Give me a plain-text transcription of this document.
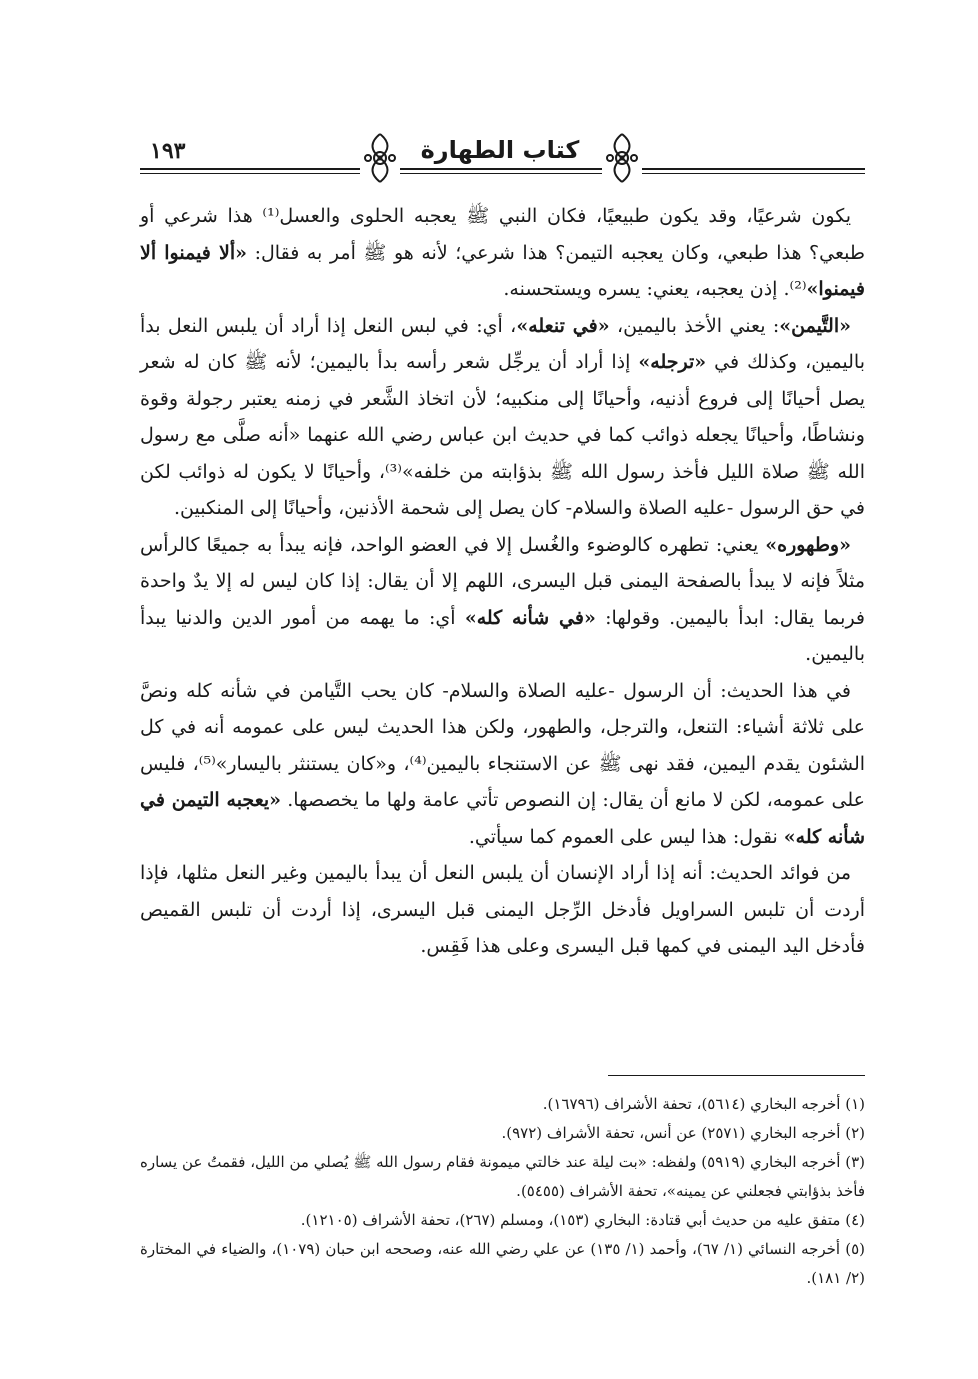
١٩٣	كتاب الطهارة

يكون شرعيًا، وقد يكون طبيعيًا، فكان النبي ﷺ يعجبه الحلوى والعسل⁽¹⁾ هذا شرعي أو طبعي؟ هذا طبعي، وكان يعجبه التيمن؟ هذا شرعي؛ لأنه هو ﷺ أمر به فقال: «ألا فيمنوا ألا فيمنوا»⁽²⁾. إذن يعجبه، يعني: يسره ويستحسنه.

«التَّيمن»: يعني الأخذ باليمين، «في تنعله»، أي: في لبس النعل إذا أراد أن يلبس النعل بدأ باليمين، وكذلك في «ترجله» إذا أراد أن يرجِّل شعر رأسه بدأ باليمين؛ لأنه ﷺ كان له شعر يصل أحيانًا إلى فروع أذنيه، وأحيانًا إلى منكبيه؛ لأن اتخاذ الشَّعر في زمنه يعتبر رجولة وقوة ونشاطًا، وأحيانًا يجعله ذوائب كما في حديث ابن عباس رضي الله عنهما «أنه صلَّى مع رسول الله ﷺ صلاة الليل فأخذ رسول الله ﷺ بذؤابته من خلفه»⁽³⁾، وأحيانًا لا يكون له ذوائب لكن في حق الرسول -عليه الصلاة والسلام- كان يصل إلى شحمة الأذنين، وأحيانًا إلى المنكبين.

«وطهوره» يعني: تطهره كالوضوء والغُسل إلا في العضو الواحد، فإنه يبدأ به جميعًا كالرأس مثلاً فإنه لا يبدأ بالصفحة اليمنى قبل اليسرى، اللهم إلا أن يقال: إذا كان ليس له إلا يدٌ واحدة فربما يقال: ابدأ باليمين. وقولها: «في شأنه كله» أي: ما يهمه من أمور الدين والدنيا يبدأ باليمين.

في هذا الحديث: أن الرسول -عليه الصلاة والسلام- كان يحب التَّيامن في شأنه كله ونصَّ على ثلاثة أشياء: التنعل، والترجل، والطهور، ولكن هذا الحديث ليس على عمومه أنه في كل الشئون يقدم اليمين، فقد نهى ﷺ عن الاستنجاء باليمين⁽⁴⁾، و«كان يستنثر باليسار»⁽⁵⁾، فليس على عمومه، لكن لا مانع أن يقال: إن النصوص تأتي عامة ولها ما يخصصها. «يعجبه التيمن في شأنه كله» نقول: هذا ليس على العموم كما سيأتي.

من فوائد الحديث: أنه إذا أراد الإنسان أن يلبس النعل أن يبدأ باليمين وغير النعل مثلها، فإذا أردت أن تلبس السراويل فأدخل الرِّجل اليمنى قبل اليسرى، إذا أردت أن تلبس القميص فأدخل اليد اليمنى في كمها قبل اليسرى وعلى هذا فَقِس.

(١) أخرجه البخاري (٥٦١٤)، تحفة الأشراف (١٦٧٩٦).

(٢) أخرجه البخاري (٢٥٧١) عن أنس، تحفة الأشراف (٩٧٢).

(٣) أخرجه البخاري (٥٩١٩) ولفظه: «بت ليلة عند خالتي ميمونة فقام رسول الله ﷺ يُصلي من الليل، فقمتُ عن يساره فأخذ بذؤابتي فجعلني عن يمينه»، تحفة الأشراف (٥٤٥٥).

(٤) متفق عليه من حديث أبي قتادة: البخاري (١٥٣)، ومسلم (٢٦٧)، تحفة الأشراف (١٢١٠٥).

(٥) أخرجه النسائي (١/ ٦٧)، وأحمد (١/ ١٣٥) عن علي رضي الله عنه، وصححه ابن حبان (١٠٧٩)، والضياء في المختارة (٢/ ١٨١).
